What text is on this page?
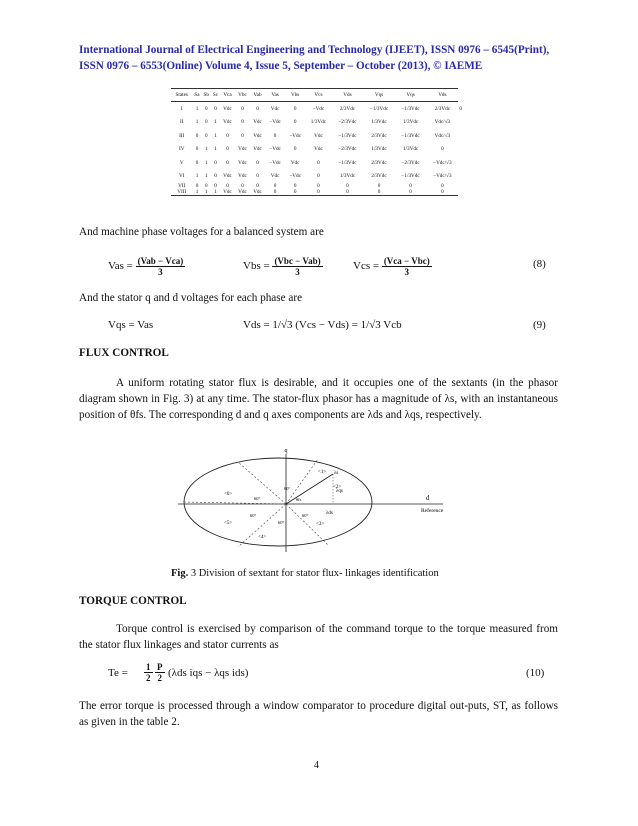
International Journal of Electrical Engineering and Technology (IJEET), ISSN 0976 – 6545(Print),
ISSN 0976 – 6553(Online) Volume 4, Issue 5, September – October (2013), © IAEME
States	Sa	Sb	Sc	Vca	Vbc	Vab	Vas	Vbs	Vcs	Vds	Vqs	Vqs	Vds	
I	1	0	0	Vdc	0	0	Vdc	0	−Vdc	2/3Vdc	−1/3Vdc	−1/3Vdc	2/3Vdc	0
II	1	0	1	Vdc	0	Vdc	−Vdc	0	1/3Vdc	−2/3Vdc	1/3Vdc	1/3Vdc	Vdc/√3	
III	0	0	1	0	0	Vdc	0	−Vdc	Vdc	−1/3Vdc	2/3Vdc	−1/3Vdc	Vdc/√3	
IV	0	1	1	0	Vdc	Vdc	−Vdc	0	Vdc	−2/3Vdc	1/3Vdc	1/3Vdc	0	
V	0	1	0	0	Vdc	0	−Vdc	Vdc	0	−1/3Vdc	2/3Vdc	−2/3Vdc	−Vdc/√3	
VI	1	1	0	Vdc	Vdc	0	Vdc	−Vdc	0	1/3Vdc	2/3Vdc	−1/3Vdc	−Vdc/√3	
VII	0	0	0	0	0	0	0	0	0	0	0	0	0	
VIII	1	1	1	Vdc	Vdc	Vdc	0	0	0	0	0	0	0	
And machine phase voltages for a balanced system are
Vas = $\frac{\text{(Vab − Vca)}}{3}$	Vbs = $\frac{\text{(Vbc − Vab)}}{3}$	Vcs = $\frac{\text{(Vca − Vbc)}}{3}$	(8)
And the stator q and d voltages for each phase are
Vqs = Vas	Vds = 1/√3 (Vcs − Vds) = 1/√3 Vcb	(9)
FLUX CONTROL
A uniform rotating stator flux is desirable, and it occupies one of the sextants (in the phasor diagram shown in Fig. 3) at any time. The stator-flux phasor has a magnitude of λs, with an instantaneous position of θfs. The corresponding d and q axes components are λds and λqs, respectively.
q
d
Reference
<1>
<2>
<3>
<4>
<5>
<6>
60°
60°
60°
60°
60°
λs
λqs
λds
θfs
Fig. 3 Division of sextant for stator flux- linkages identification
TORQUE CONTROL
Torque control is exercised by comparison of the command torque to the torque measured from the stator flux linkages and stator currents as
$Te = \frac{1}{2} \frac{P}{2} (\lambda ds$ iqs − λqs ids)	(10)
The error torque is processed through a window comparator to procedure digital out-puts, ST, as follows as given in the table 2.
4
